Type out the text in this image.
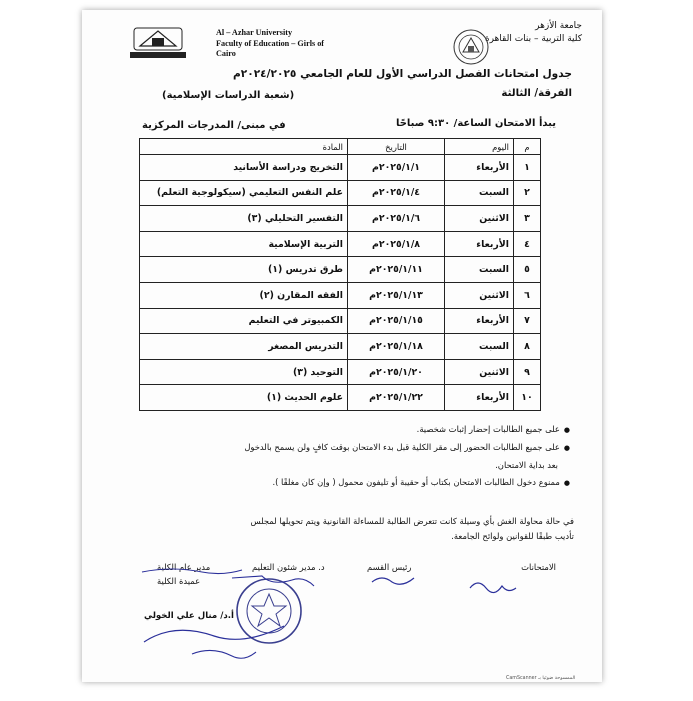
جامعة الأزهر
كلية التربية – بنات القاهرة
Al – Azhar University
Faculty of Education – Girls of
Cairo
جدول امتحانات الفصل الدراسي الأول للعام الجامعي ٢٠٢٤/٢٠٢٥م
الفرقة/ الثالثة
(شعبة الدراسات الإسلامية)
يبدأ الامتحان الساعة/ ٩:٣٠ صباحًا
في مبنى/ المدرجات المركزية
م	اليوم	التاريخ	المادة
١	الأربعاء	٢٠٢٥/١/١م	التخريج ودراسة الأسانيد
٢	السبت	٢٠٢٥/١/٤م	علم النفس التعليمي (سيكولوجية التعلم)
٣	الاثنين	٢٠٢٥/١/٦م	التفسير التحليلي (٣)
٤	الأربعاء	٢٠٢٥/١/٨م	التربية الإسلامية
٥	السبت	٢٠٢٥/١/١١م	طرق تدريس (١)
٦	الاثنين	٢٠٢٥/١/١٣م	الفقه المقارن (٢)
٧	الأربعاء	٢٠٢٥/١/١٥م	الكمبيوتر في التعليم
٨	السبت	٢٠٢٥/١/١٨م	التدريس المصغر
٩	الاثنين	٢٠٢٥/١/٢٠م	التوحيد (٣)
١٠	الأربعاء	٢٠٢٥/١/٢٢م	علوم الحديث (١)
● على جميع الطالبات إحضار إثبات شخصية.
● على جميع الطالبات الحضور إلى مقر الكلية قبل بدء الامتحان بوقت كافٍ ولن يسمح بالدخول
بعد بداية الامتحان.
● ممنوع دخول الطالبات الامتحان بكتاب أو حقيبة أو تليفون محمول ( وإن كان مغلقًا ).
في حالة محاولة الغش بأي وسيلة كانت تتعرض الطالبة للمساءلة القانونية ويتم تحويلها لمجلس
تأديب طبقًا للقوانين ولوائح الجامعة.
الامتحانات
رئيس القسم
د. مدير شئون التعليم
مدير عام الكلية
عميدة الكلية
أ.د/ منال علي الخولي
الممسوحة ضوئيا بـ CamScanner
